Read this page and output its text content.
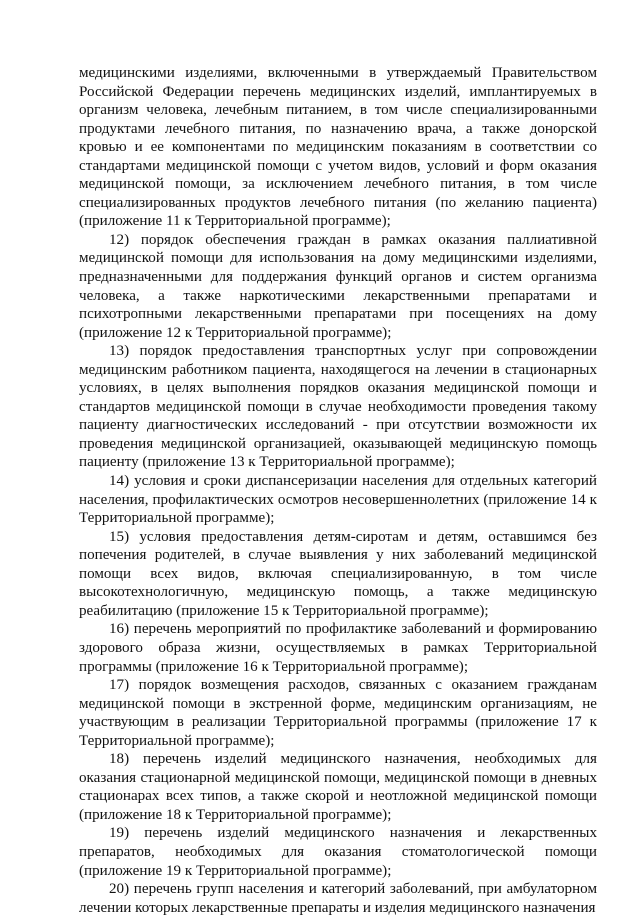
медицинскими изделиями, включенными в утверждаемый Правительством Российской Федерации перечень медицинских изделий, имплантируемых в организм человека, лечебным питанием, в том числе специализированными продуктами лечебного питания, по назначению врача, а также донорской кровью и ее компонентами по медицинским показаниям в соответствии со стандартами медицинской помощи с учетом видов, условий и форм оказания медицинской помощи, за исключением лечебного питания, в том числе специализированных продуктов лечебного питания (по желанию пациента) (приложение 11 к Территориальной программе);

12) порядок обеспечения граждан в рамках оказания паллиативной медицинской помощи для использования на дому медицинскими изделиями, предназначенными для поддержания функций органов и систем организма человека, а также наркотическими лекарственными препаратами и психотропными лекарственными препаратами при посещениях на дому (приложение 12 к Территориальной программе);

13) порядок предоставления транспортных услуг при сопровождении медицинским работником пациента, находящегося на лечении в стационарных условиях, в целях выполнения порядков оказания медицинской помощи и стандартов медицинской помощи в случае необходимости проведения такому пациенту диагностических исследований - при отсутствии возможности их проведения медицинской организацией, оказывающей медицинскую помощь пациенту (приложение 13 к Территориальной программе);

14) условия и сроки диспансеризации населения для отдельных категорий населения, профилактических осмотров несовершеннолетних (приложение 14 к Территориальной программе);

15) условия предоставления детям-сиротам и детям, оставшимся без попечения родителей, в случае выявления у них заболеваний медицинской помощи всех видов, включая специализированную, в том числе высокотехнологичную, медицинскую помощь, а также медицинскую реабилитацию (приложение 15 к Территориальной программе);

16) перечень мероприятий по профилактике заболеваний и формированию здорового образа жизни, осуществляемых в рамках Территориальной программы (приложение 16 к Территориальной программе);

17) порядок возмещения расходов, связанных с оказанием гражданам медицинской помощи в экстренной форме, медицинским организациям, не участвующим в реализации Территориальной программы (приложение 17 к Территориальной программе);

18) перечень изделий медицинского назначения, необходимых для оказания стационарной медицинской помощи, медицинской помощи в дневных стационарах всех типов, а также скорой и неотложной медицинской помощи (приложение 18 к Территориальной программе);

19) перечень изделий медицинского назначения и лекарственных препаратов, необходимых для оказания стоматологической помощи (приложение 19 к Территориальной программе);

20) перечень групп населения и категорий заболеваний, при амбулаторном лечении которых лекарственные препараты и изделия медицинского назначения
